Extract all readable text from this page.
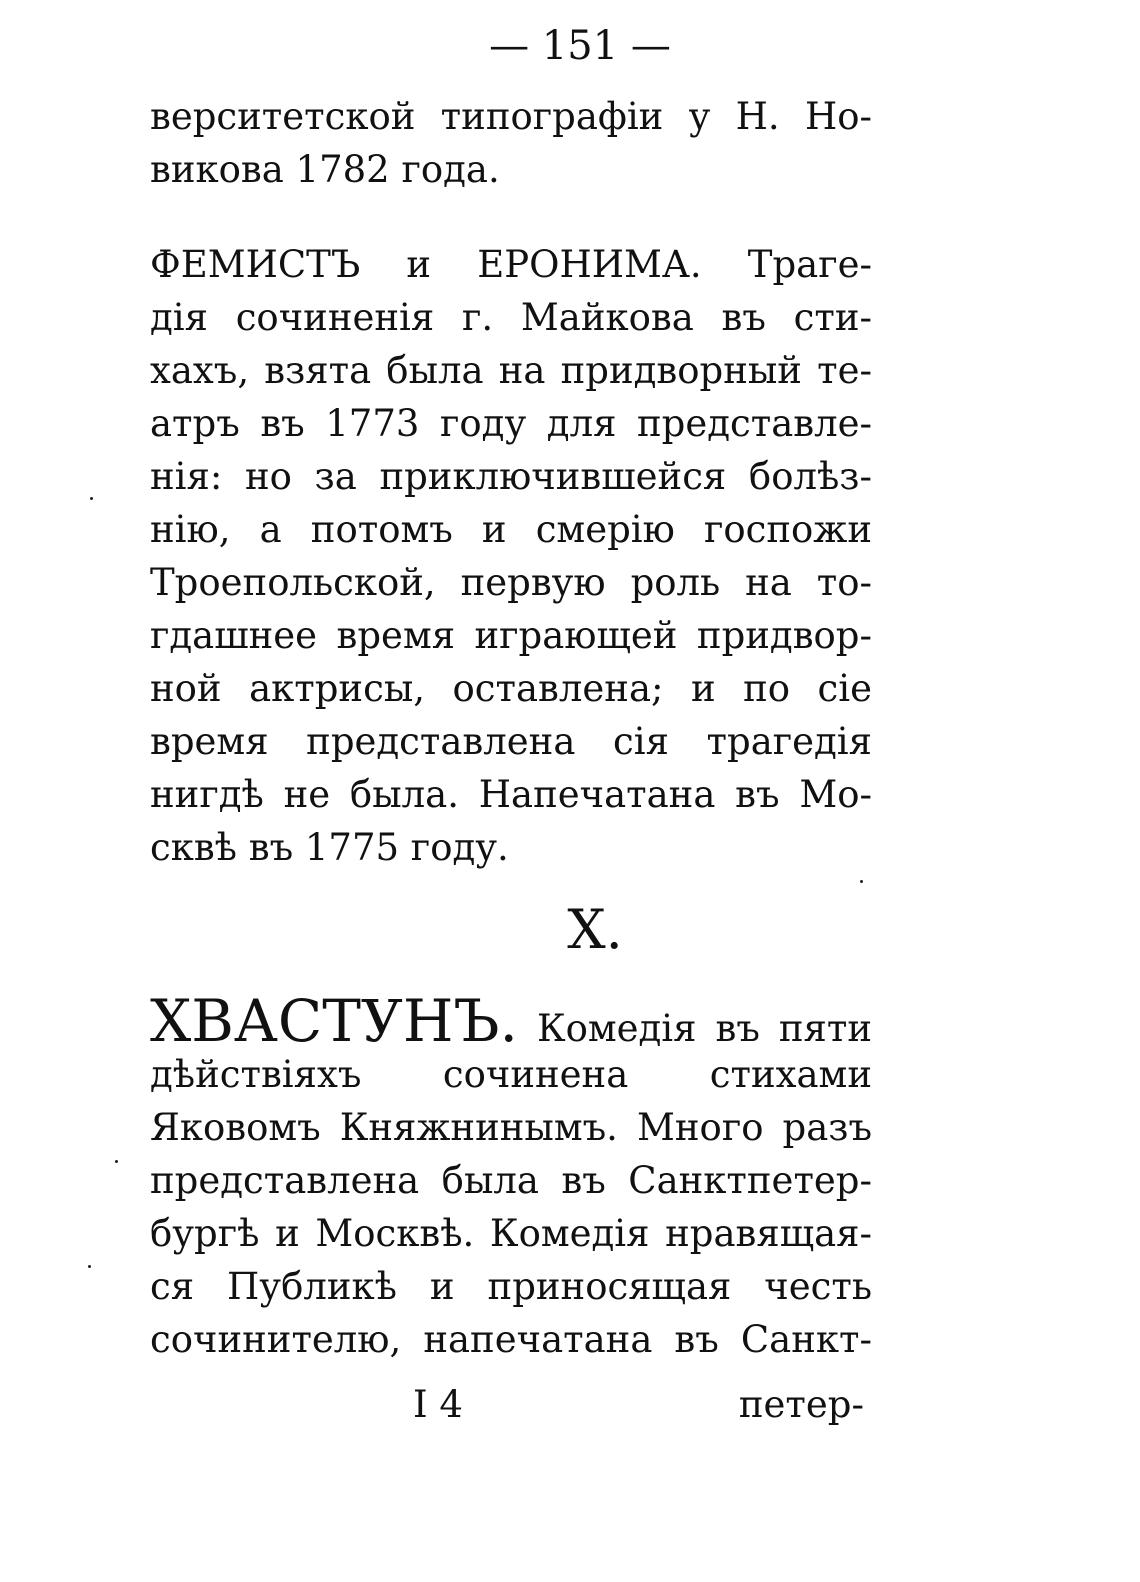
— 151 —
верситетской типографiи у Н. Но-
викова 1782 года.
ФЕМИСТЪ и ЕРОНИМА. Траге-
дiя сочиненiя г. Майкова въ сти-
хахъ, взята была на придворный те-
атръ въ 1773 году для представле-
нiя: но за приключившейся болѣз-
нiю, а потомъ и смерiю госпожи
Троепольской, первую роль на то-
гдашнее время играющей придвор-
ной актрисы, оставлена; и по сiе
время представлена сiя трагедiя
нигдѣ не была. Напечатана въ Мо-
сквѣ въ 1775 году.
X.
ХВАСТУНЪ. Комедiя въ пяти
дѣйствiяхъ сочинена стихами
Яковомъ Княжнинымъ. Много разъ
представлена была въ Санктпетер-
бургѣ и Москвѣ. Комедiя нравящая-
ся Публикѣ и приносящая честь
сочинителю, напечатана въ Санкт-
I 4	петер-
